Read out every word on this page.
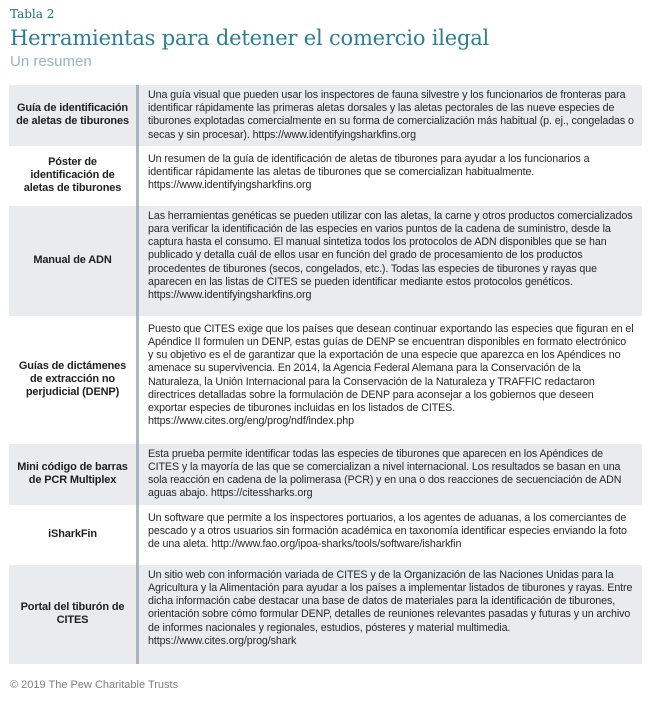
Tabla 2
Herramientas para detener el comercio ilegal
Un resumen
Guía de identificación de aletas de tiburones
Una guía visual que pueden usar los inspectores de fauna silvestre y los funcionarios de fronteras para identificar rápidamente las primeras aletas dorsales y las aletas pectorales de las nueve especies de tiburones explotadas comercialmente en su forma de comercialización más habitual (p. ej., congeladas o secas y sin procesar). https://www.identifyingsharkfins.org
Póster de identificación de aletas de tiburones
Un resumen de la guía de identificación de aletas de tiburones para ayudar a los funcionarios a identificar rápidamente las aletas de tiburones que se comercializan habitualmente. https://www.identifyingsharkfins.org
Manual de ADN
Las herramientas genéticas se pueden utilizar con las aletas, la carne y otros productos comercializados para verificar la identificación de las especies en varios puntos de la cadena de suministro, desde la captura hasta el consumo. El manual sintetiza todos los protocolos de ADN disponibles que se han publicado y detalla cuál de ellos usar en función del grado de procesamiento de los productos procedentes de tiburones (secos, congelados, etc.). Todas las especies de tiburones y rayas que aparecen en las listas de CITES se pueden identificar mediante estos protocolos genéticos. https://www.identifyingsharkfins.org
Guías de dictámenes de extracción no perjudicial (DENP)
Puesto que CITES exige que los países que desean continuar exportando las especies que figuran en el Apéndice II formulen un DENP, estas guías de DENP se encuentran disponibles en formato electrónico y su objetivo es el de garantizar que la exportación de una especie que aparezca en los Apéndices no amenace su supervivencia. En 2014, la Agencia Federal Alemana para la Conservación de la Naturaleza, la Unión Internacional para la Conservación de la Naturaleza y TRAFFIC redactaron directrices detalladas sobre la formulación de DENP para aconsejar a los gobiernos que deseen exportar especies de tiburones incluidas en los listados de CITES. https://www.cites.org/eng/prog/ndf/index.php
Mini código de barras de PCR Multiplex
Esta prueba permite identificar todas las especies de tiburones que aparecen en los Apéndices de CITES y la mayoría de las que se comercializan a nivel internacional. Los resultados se basan en una sola reacción en cadena de la polimerasa (PCR) y en una o dos reacciones de secuenciación de ADN aguas abajo. https://citessharks.org
iSharkFin
Un software que permite a los inspectores portuarios, a los agentes de aduanas, a los comerciantes de pescado y a otros usuarios sin formación académica en taxonomía identificar especies enviando la foto de una aleta. http://www.fao.org/ipoa-sharks/tools/software/isharkfin
Portal del tiburón de CITES
Un sitio web con información variada de CITES y de la Organización de las Naciones Unidas para la Agricultura y la Alimentación para ayudar a los países a implementar listados de tiburones y rayas. Entre dicha información cabe destacar una base de datos de materiales para la identificación de tiburones, orientación sobre cómo formular DENP, detalles de reuniones relevantes pasadas y futuras y un archivo de informes nacionales y regionales, estudios, pósteres y material multimedia. https://www.cites.org/prog/shark
© 2019 The Pew Charitable Trusts
